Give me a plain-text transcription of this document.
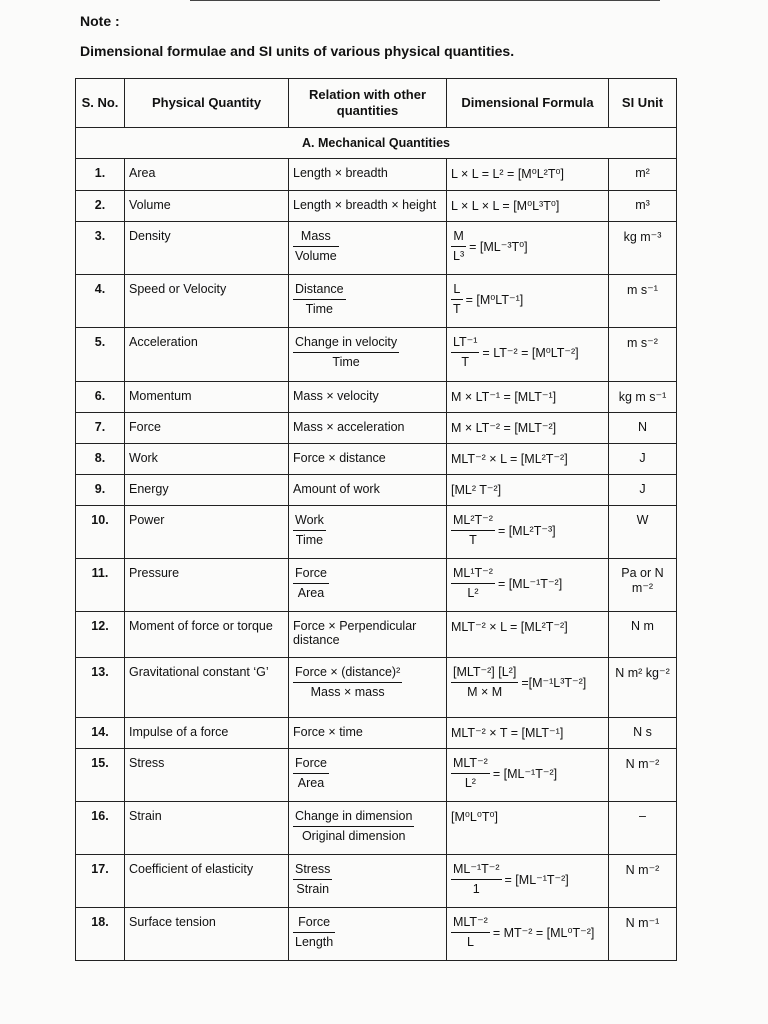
Note :
Dimensional formulae and SI units of various physical quantities.
S. No.	Physical Quantity	Relation with other quantities	Dimensional Formula	SI Unit
A. Mechanical Quantities				
1.	Area	Length × breadth	L × L = L² = [M⁰L²T⁰]	m²
2.	Volume	Length × breadth × height	L × L × L = [M⁰L³T⁰]	m³
3.	Density	$\frac{\text{Mass}}{\text{Volume}}$	$\frac{M}{\text{L³}} = [ML^{-3}T^0]$	kg m⁻³
4.	Speed or Velocity	$\frac{\text{Distance}}{\text{Time}}$	$\frac{L}{T} = [M^0LT^{-1}]$	m s⁻¹
5.	Acceleration	$\frac{\text{Change in velocity}}{\text{Time}}$	$\frac{\text{LT⁻¹}}{T} = LT^{-2} = [M^0LT^{-2}]$	m s⁻²
6.	Momentum	Mass × velocity	M × LT⁻¹ = [MLT⁻¹]	kg m s⁻¹
7.	Force	Mass × acceleration	M × LT⁻² = [MLT⁻²]	N
8.	Work	Force × distance	MLT⁻² × L = [ML²T⁻²]	J
9.	Energy	Amount of work	[ML² T⁻²]	J
10.	Power	$\frac{\text{Work}}{\text{Time}}$	$\frac{\text{ML²T⁻²}}{T} = [ML^2T^{-3}]$	W
11.	Pressure	$\frac{\text{Force}}{\text{Area}}$	$\frac{\text{ML¹T⁻²}}{\text{L²}} = [ML^{-1}T^{-2}]$	Pa or N m⁻²
12.	Moment of force or torque	Force × Perpendicular distance	MLT⁻² × L = [ML²T⁻²]	N m
13.	Gravitational constant ‘G’	$\frac{\text{Force × (distance)²}}{\text{Mass × mass}}$	$\frac{\text{[MLT⁻²] [L²]}}{M \times M} =[M^{-1}L^3T^{-2}]$	N m² kg⁻²
14.	Impulse of a force	Force × time	MLT⁻² × T = [MLT⁻¹]	N s
15.	Stress	$\frac{\text{Force}}{\text{Area}}$	$\frac{\text{MLT⁻²}}{\text{L²}} = [ML^{-1}T^{-2}]$	N m⁻²
16.	Strain	$\frac{\text{Change in dimension}}{\text{Original dimension}}$	[M⁰L⁰T⁰]	–
17.	Coefficient of elasticity	$\frac{\text{Stress}}{\text{Strain}}$	$\frac{\text{ML⁻¹T⁻²}}{1} = [ML^{-1}T^{-2}]$	N m⁻²
18.	Surface tension	$\frac{\text{Force}}{\text{Length}}$	$\frac{\text{MLT⁻²}}{L} = MT^{-2} = [ML^0T^{-2}]$	N m⁻¹
